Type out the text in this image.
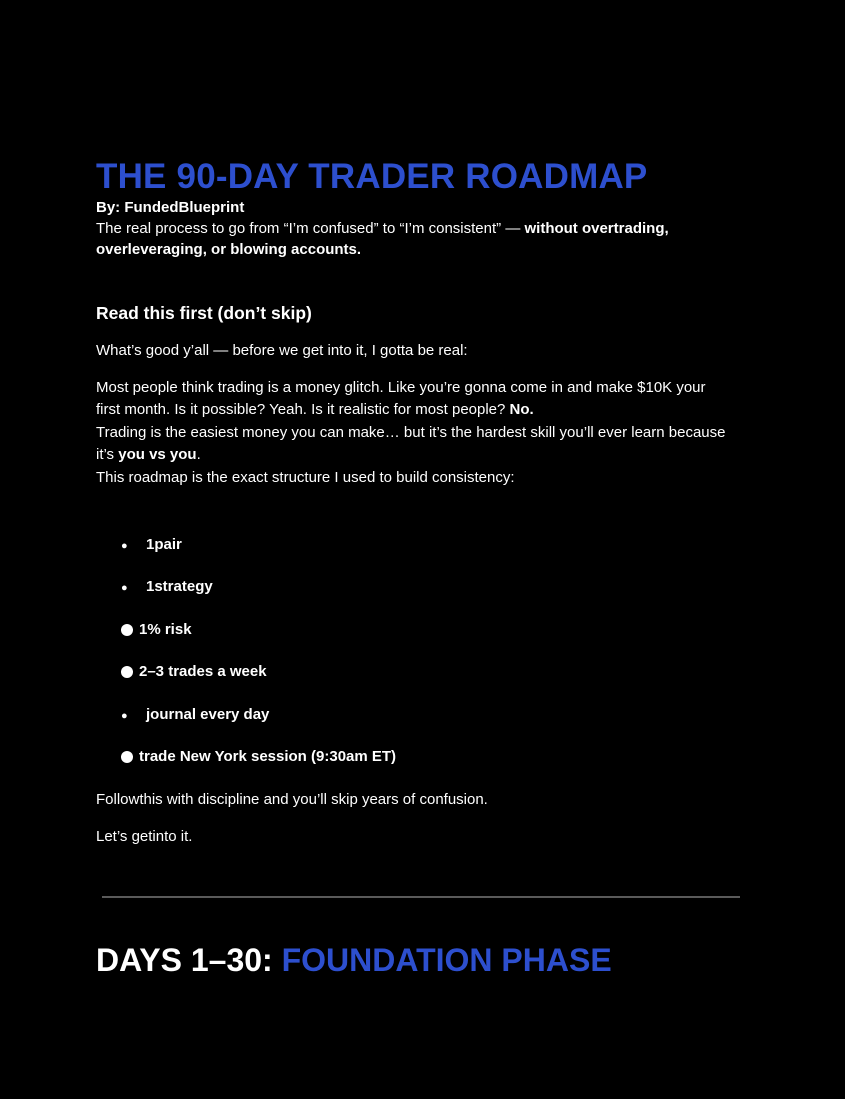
THE 90-DAY TRADER ROADMAP

By: FundedBlueprint

The real process to go from “I’m confused” to “I’m consistent” — without overtrading, overleveraging, or blowing accounts.

Read this first (don’t skip)

What’s good y’all — before we get into it, I gotta be real:

Most people think trading is a money glitch. Like you’re gonna come in and make $10K your first month. Is it possible? Yeah. Is it realistic for most people? No.
Trading is the easiest money you can make… but it’s the hardest skill you’ll ever learn because it’s you vs you.
This roadmap is the exact structure I used to build consistency:

● 1pair
● 1strategy
1% risk
2–3 trades a week
● journal every day
trade New York session (9:30am ET)

Followthis with discipline and you’ll skip years of confusion.

Let’s getinto it.

DAYS 1–30: FOUNDATION PHASE
